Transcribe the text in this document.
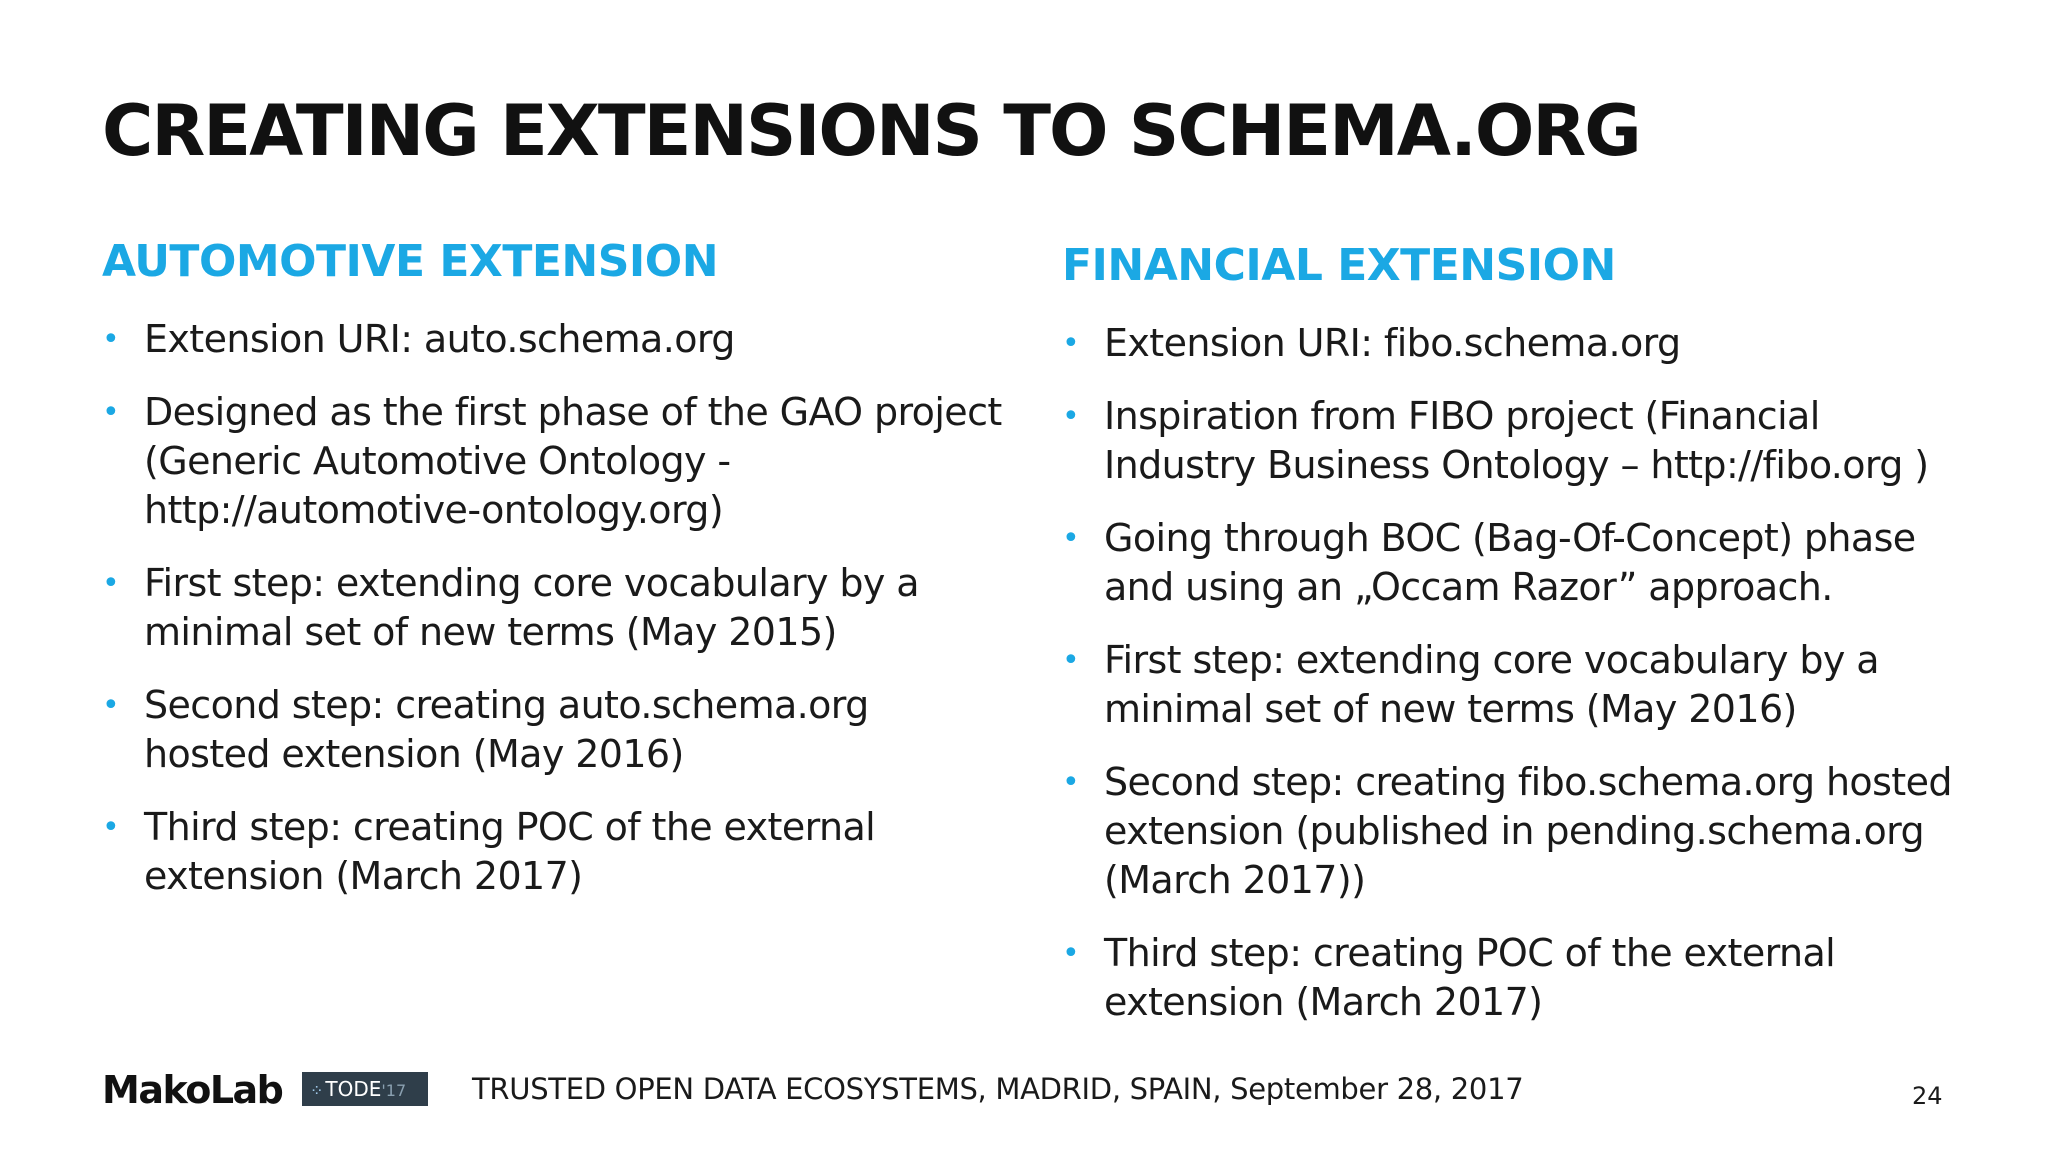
CREATING EXTENSIONS TO SCHEMA.ORG
AUTOMOTIVE EXTENSION
• Extension URI: auto.schema.org
• Designed as the first phase of the GAO project (Generic Automotive Ontology - http://automotive-ontology.org)
• First step: extending core vocabulary by a minimal set of new terms (May 2015)
• Second step: creating auto.schema.org hosted extension (May 2016)
• Third step: creating POC of the external extension (March 2017)
FINANCIAL EXTENSION
• Extension URI: fibo.schema.org
• Inspiration from FIBO project (Financial Industry Business Ontology – http://fibo.org )
• Going through BOC (Bag-Of-Concept) phase and using an „Occam Razor” approach.
• First step: extending core vocabulary by a minimal set of new terms (May 2016)
• Second step: creating fibo.schema.org hosted extension (published in pending.schema.org (March 2017))
• Third step: creating POC of the external extension (March 2017)
MakoLab	⁘ TODE'17	TRUSTED OPEN DATA ECOSYSTEMS, MADRID, SPAIN, September 28, 2017	24
